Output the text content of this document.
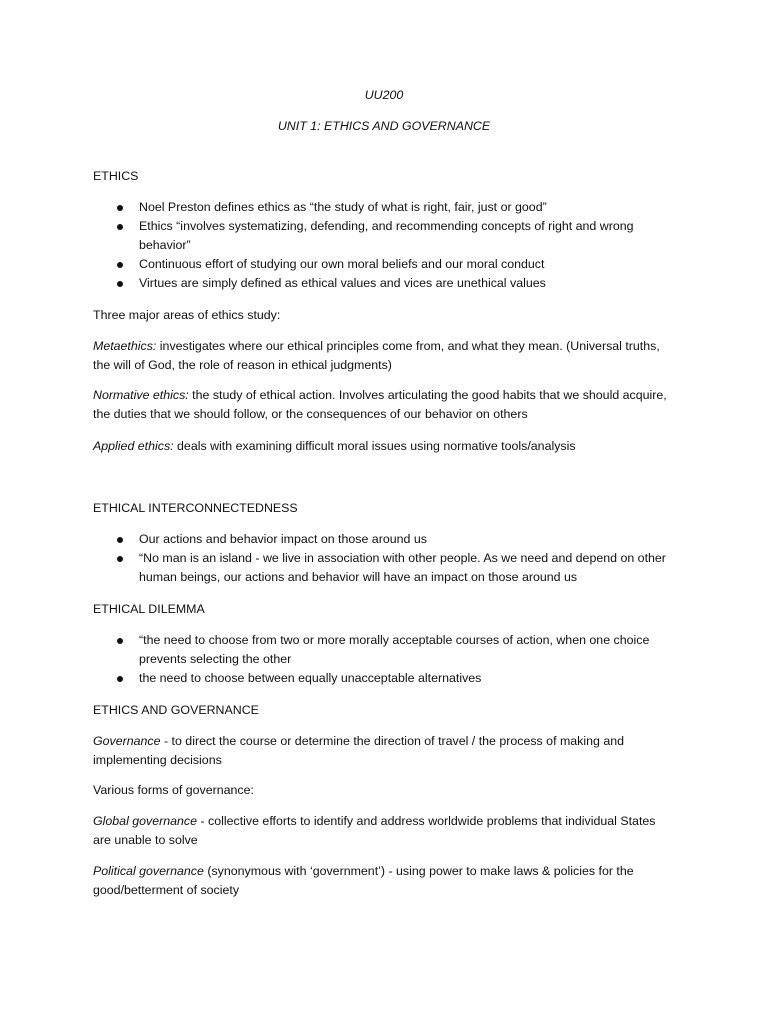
UU200

UNIT 1: ETHICS AND GOVERNANCE

ETHICS

Noel Preston defines ethics as “the study of what is right, fair, just or good”
Ethics “involves systematizing, defending, and recommending concepts of right and wrong behavior”
Continuous effort of studying our own moral beliefs and our moral conduct
Virtues are simply defined as ethical values and vices are unethical values

Three major areas of ethics study:

Metaethics: investigates where our ethical principles come from, and what they mean. (Universal truths, the will of God, the role of reason in ethical judgments)

Normative ethics: the study of ethical action. Involves articulating the good habits that we should acquire, the duties that we should follow, or the consequences of our behavior on others

Applied ethics: deals with examining difficult moral issues using normative tools/analysis

ETHICAL INTERCONNECTEDNESS

Our actions and behavior impact on those around us
“No man is an island - we live in association with other people. As we need and depend on other human beings, our actions and behavior will have an impact on those around us

ETHICAL DILEMMA

“the need to choose from two or more morally acceptable courses of action, when one choice prevents selecting the other
the need to choose between equally unacceptable alternatives

ETHICS AND GOVERNANCE

Governance - to direct the course or determine the direction of travel / the process of making and implementing decisions

Various forms of governance:

Global governance - collective efforts to identify and address worldwide problems that individual States are unable to solve

Political governance (synonymous with ‘government’) - using power to make laws & policies for the good/betterment of society
